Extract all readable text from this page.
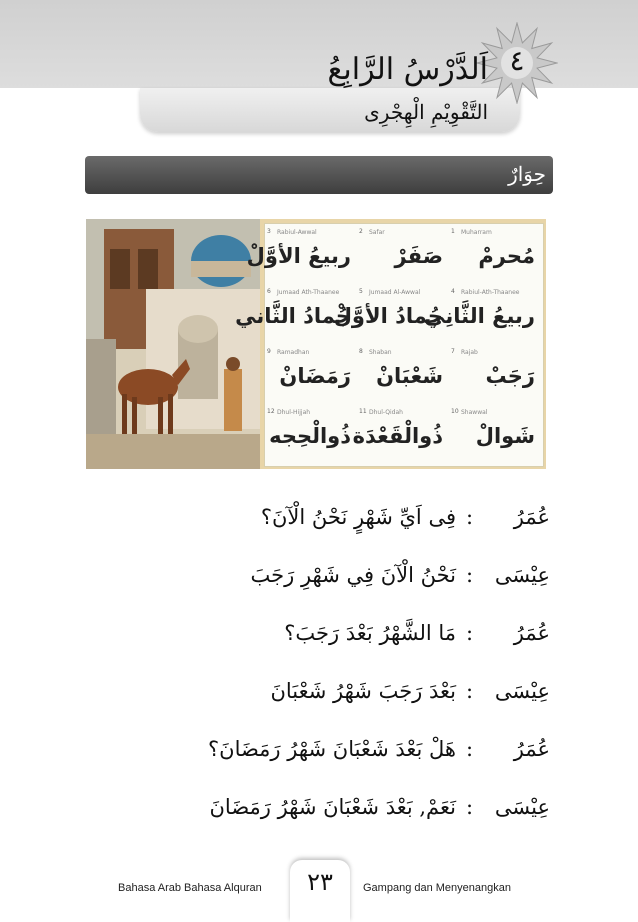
٤
اَلدَّرْسُ الرَّابِعُ
التَّقْوِيْمِ الْهِجْرِى
حِوَارٌ
1 Muharram
مُحرمْ
2 Safar
صَفَرْ
3 Rabiul-Awwal
ربيعُ الأوَّلْ
4 Rabiul-Ath-Thaanee
ربيعُ الثَّانِي
5 Jumaad Al-Awwal
جُمادُ الأوَّلْ
6 Jumaad Ath-Thaanee
جُمادُ الثَّاني
7 Rajab
رَجَبْ
8 Shaban
شَعْبَانْ
9 Ramadhan
رَمَضَانْ
10 Shawwal
شَوالْ
11 Dhul-Qidah
ذُوالْقَعْدَة
12 Dhul-Hijjah
ذُوالْحِجه
عُمَرُ
:
فِى اَيِّ شَهْرٍ نَحْنُ الْآنَ؟
عِيْسَى
:
نَحْنُ الْآنَ فِي شَهْرِ رَجَبَ
عُمَرُ
:
مَا الشَّهْرُ بَعْدَ رَجَبَ؟
عِيْسَى
:
بَعْدَ رَجَبَ شَهْرُ شَعْبَانَ
عُمَرُ
:
هَلْ بَعْدَ شَعْبَانَ شَهْرُ رَمَضَانَ؟
عِيْسَى
:
نَعَمْ, بَعْدَ شَعْبَانَ شَهْرُ رَمَضَانَ
٢٣
Bahasa Arab Bahasa Alquran	Gampang dan Menyenangkan
